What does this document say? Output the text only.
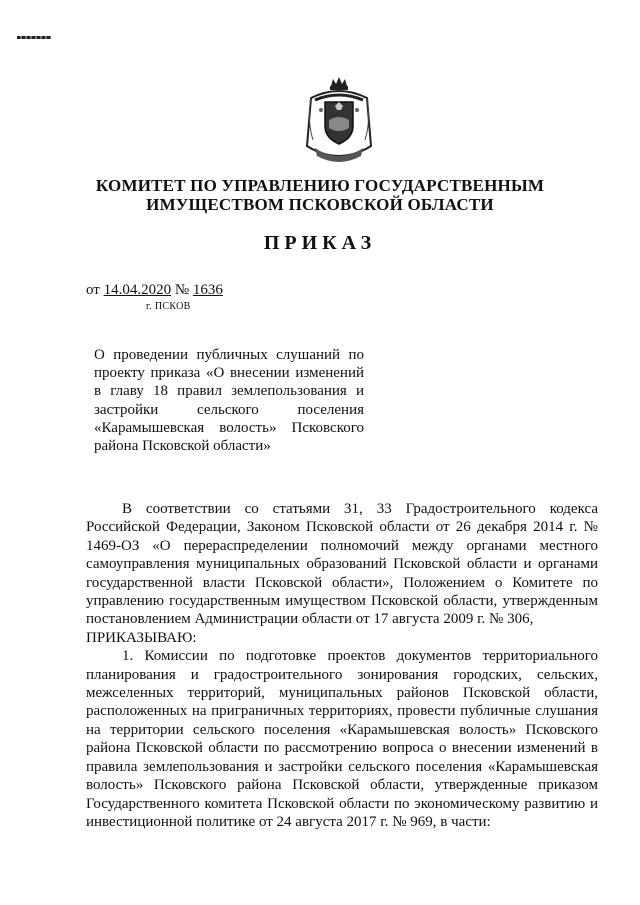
КОМИТЕТ ПО УПРАВЛЕНИЮ ГОСУДАРСТВЕННЫМ
ИМУЩЕСТВОМ ПСКОВСКОЙ ОБЛАСТИ
ПРИКАЗ
от 14.04.2020 № 1636
г. ПСКОВ
О проведении публичных слушаний по проекту приказа «О внесении изменений в главу 18 правил землепользования и застройки сельского поселения «Карамышевская волость» Псковского района Псковской области»

В соответствии со статьями 31, 33 Градостроительного кодекса Российской Федерации, Законом Псковской области от 26 декабря 2014 г. № 1469-ОЗ «О перераспределении полномочий между органами местного самоуправления муниципальных образований Псковской области и органами государственной власти Псковской области», Положением о Комитете по управлению государственным имуществом Псковской области, утвержденным постановлением Администрации области от 17 августа 2009 г. № 306,

ПРИКАЗЫВАЮ:

1. Комиссии по подготовке проектов документов территориального планирования и градостроительного зонирования городских, сельских, межселенных территорий, муниципальных районов Псковской области, расположенных на приграничных территориях, провести публичные слушания на территории сельского поселения «Карамышевская волость» Псковского района Псковской области по рассмотрению вопроса о внесении изменений в правила землепользования и застройки сельского поселения «Карамышевская волость» Псковского района Псковской области, утвержденные приказом Государственного комитета Псковской области по экономическому развитию и инвестиционной политике от 24 августа 2017 г. № 969, в части:
